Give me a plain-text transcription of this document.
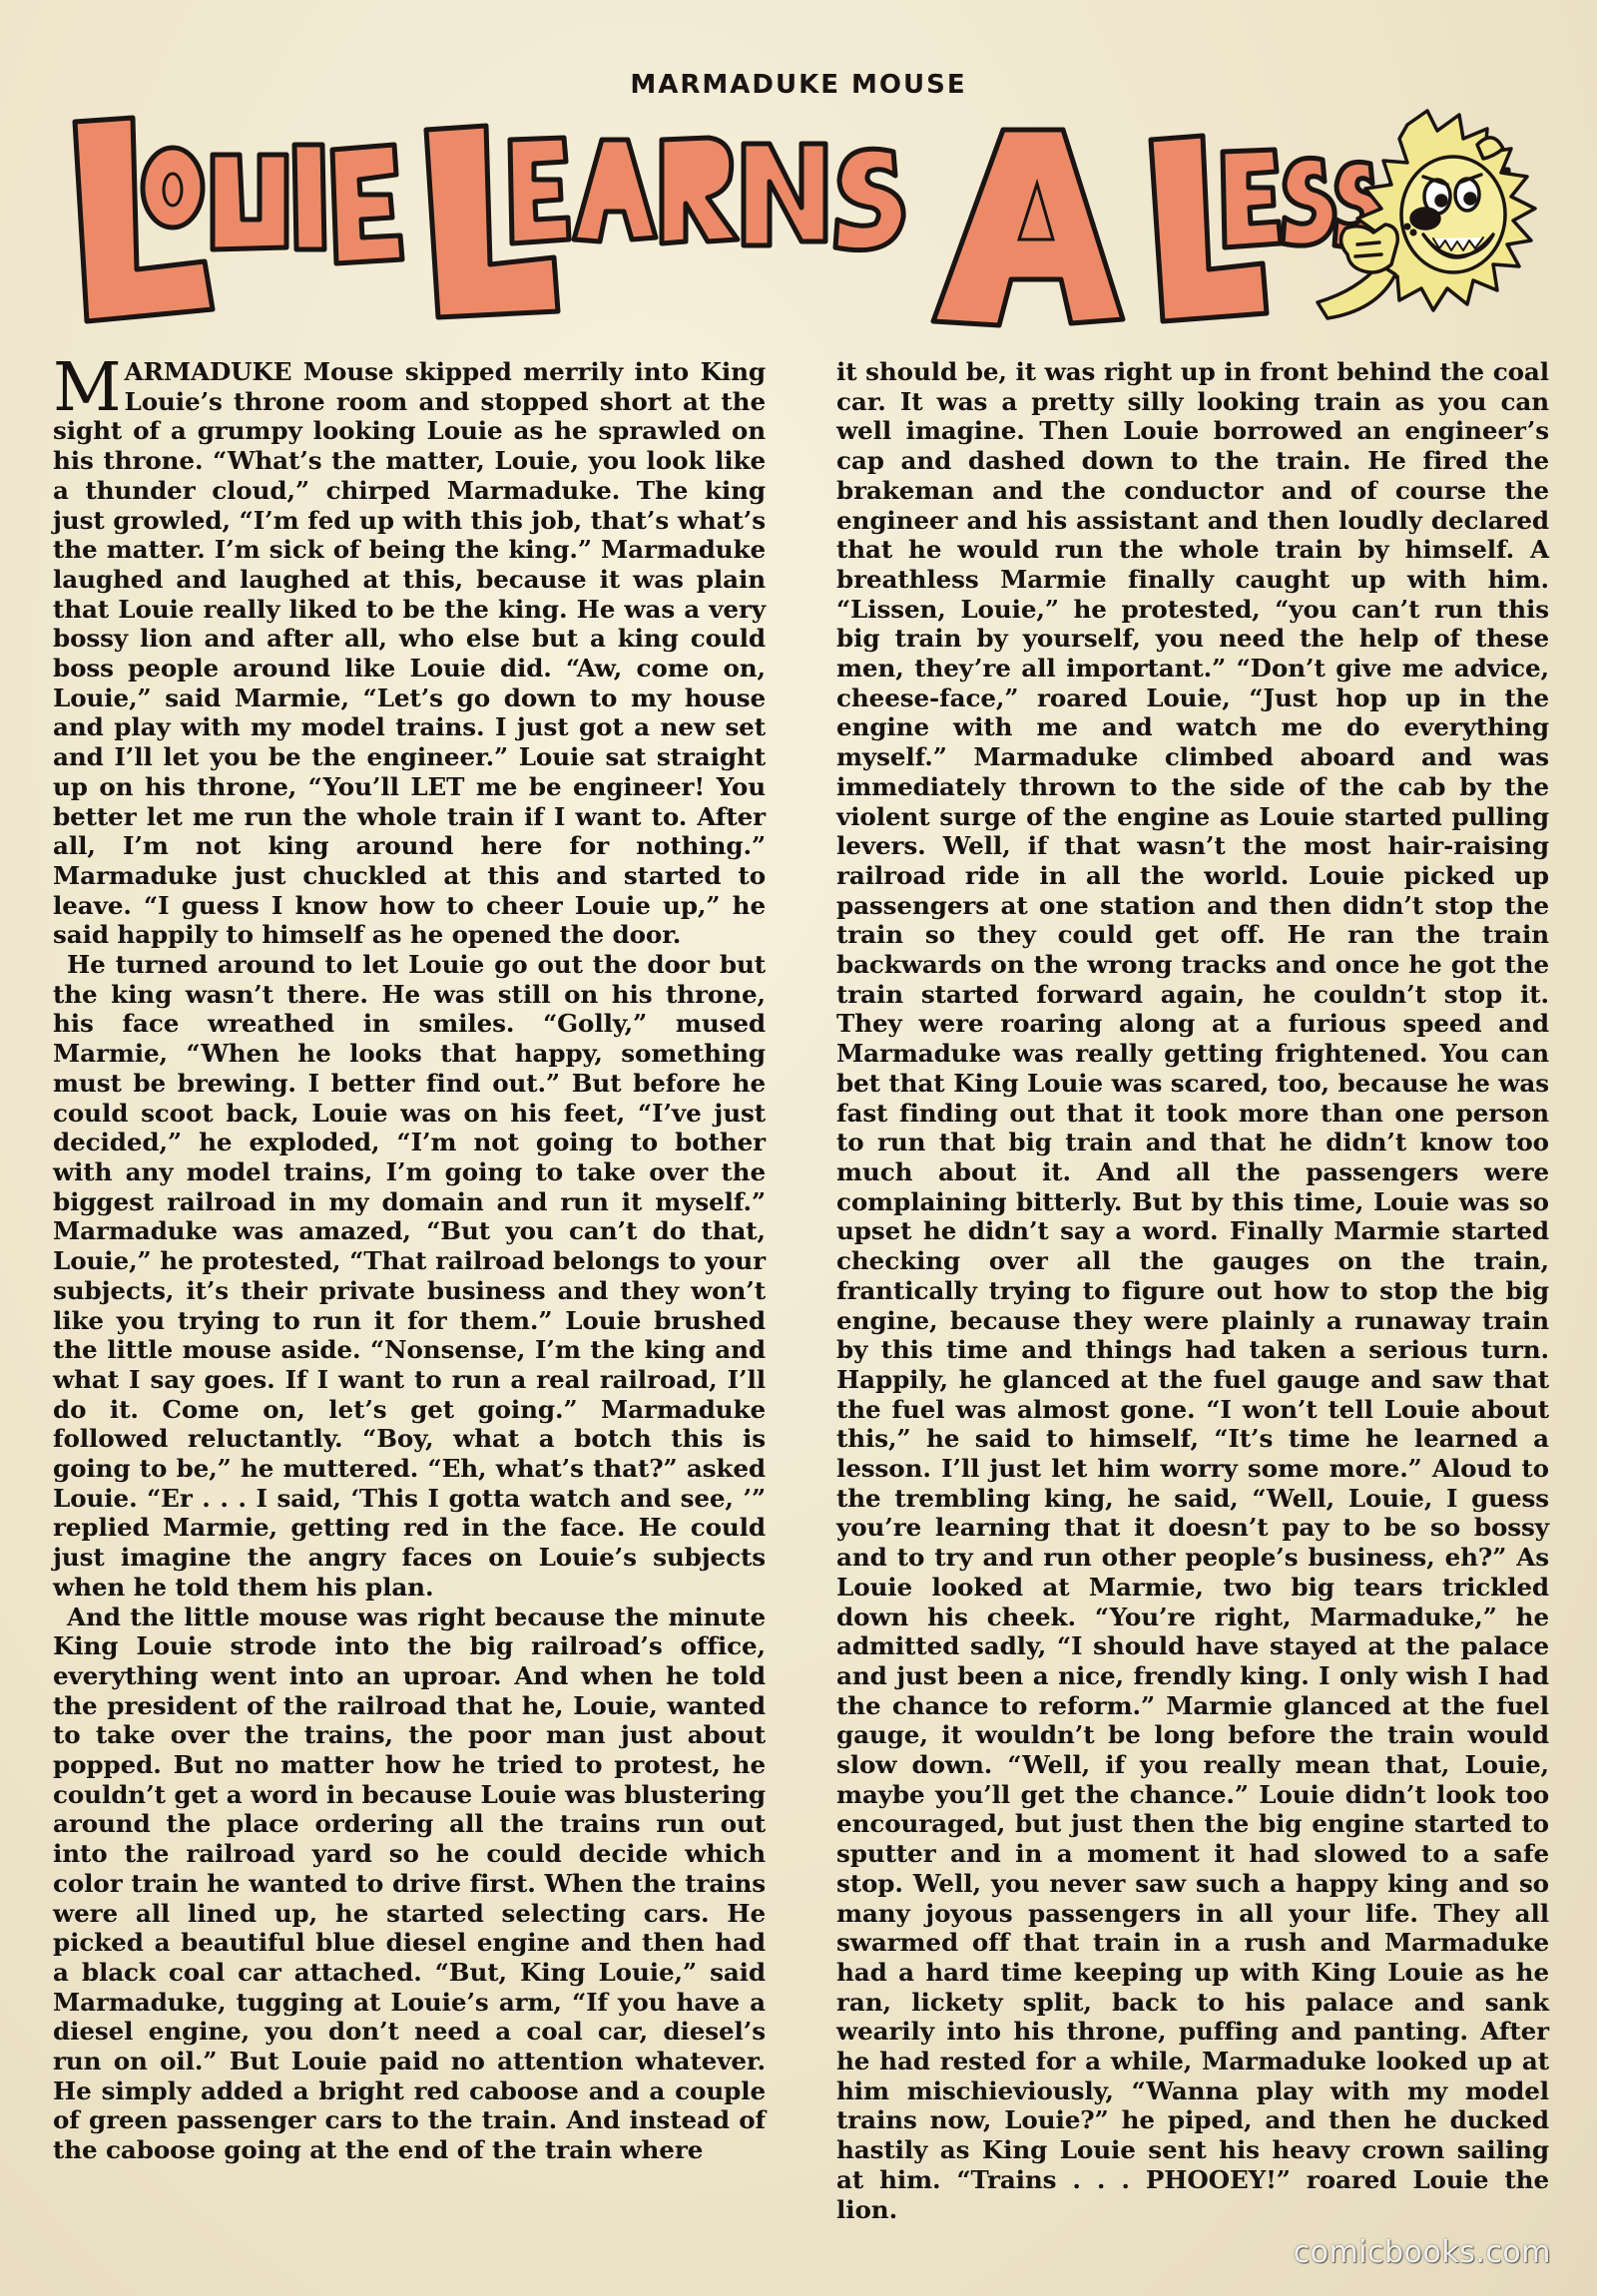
MARMADUKE MOUSE

MARMADUKE Mouse skipped merrily into King Louie’s throne room and stopped short at the sight of a grumpy looking Louie as he sprawled on his throne. “What’s the matter, Louie, you look like a thunder cloud,” chirped Marmaduke. The king just growled, “I’m fed up with this job, that’s what’s the matter. I’m sick of being the king.” Marmaduke laughed and laughed at this, because it was plain that Louie really liked to be the king. He was a very bossy lion and after all, who else but a king could boss people around like Louie did. “Aw, come on, Louie,” said Marmie, “Let’s go down to my house and play with my model trains. I just got a new set and I’ll let you be the engineer.” Louie sat straight up on his throne, “You’ll LET me be engineer! You better let me run the whole train if I want to. After all, I’m not king around here for nothing.” Marmaduke just chuckled at this and started to leave. “I guess I know how to cheer Louie up,” he said happily to himself as he opened the door.

He turned around to let Louie go out the door but the king wasn’t there. He was still on his throne, his face wreathed in smiles. “Golly,” mused Marmie, “When he looks that happy, something must be brewing. I better find out.” But before he could scoot back, Louie was on his feet, “I’ve just decided,” he exploded, “I’m not going to bother with any model trains, I’m going to take over the biggest railroad in my domain and run it myself.” Marmaduke was amazed, “But you can’t do that, Louie,” he protested, “That railroad belongs to your subjects, it’s their private business and they won’t like you trying to run it for them.” Louie brushed the little mouse aside. “Nonsense, I’m the king and what I say goes. If I want to run a real railroad, I’ll do it. Come on, let’s get going.” Marmaduke followed reluctantly. “Boy, what a botch this is going to be,” he muttered. “Eh, what’s that?” asked Louie. “Er . . . I said, ‘This I gotta watch and see, ’” replied Marmie, getting red in the face. He could just imagine the angry faces on Louie’s subjects when he told them his plan.

And the little mouse was right because the minute King Louie strode into the big railroad’s office, everything went into an uproar. And when he told the president of the railroad that he, Louie, wanted to take over the trains, the poor man just about popped. But no matter how he tried to protest, he couldn’t get a word in because Louie was blustering around the place ordering all the trains run out into the railroad yard so he could decide which color train he wanted to drive first. When the trains were all lined up, he started selecting cars. He picked a beautiful blue diesel engine and then had a black coal car attached. “But, King Louie,” said Marmaduke, tugging at Louie’s arm, “If you have a diesel engine, you don’t need a coal car, diesel’s run on oil.” But Louie paid no attention whatever. He simply added a bright red caboose and a couple of green passenger cars to the train. And instead of the caboose going at the end of the train where

it should be, it was right up in front behind the coal car. It was a pretty silly looking train as you can well imagine. Then Louie borrowed an engineer’s cap and dashed down to the train. He fired the brakeman and the conductor and of course the engineer and his assistant and then loudly declared that he would run the whole train by himself. A breathless Marmie finally caught up with him. “Lissen, Louie,” he protested, “you can’t run this big train by yourself, you need the help of these men, they’re all important.” “Don’t give me advice, cheese-face,” roared Louie, “Just hop up in the engine with me and watch me do everything myself.” Marmaduke climbed aboard and was immediately thrown to the side of the cab by the violent surge of the engine as Louie started pulling levers. Well, if that wasn’t the most hair-raising railroad ride in all the world. Louie picked up passengers at one station and then didn’t stop the train so they could get off. He ran the train backwards on the wrong tracks and once he got the train started forward again, he couldn’t stop it. They were roaring along at a furious speed and Marmaduke was really getting frightened. You can bet that King Louie was scared, too, because he was fast finding out that it took more than one person to run that big train and that he didn’t know too much about it. And all the passengers were complaining bitterly. But by this time, Louie was so upset he didn’t say a word. Finally Marmie started checking over all the gauges on the train, frantically trying to figure out how to stop the big engine, because they were plainly a runaway train by this time and things had taken a serious turn. Happily, he glanced at the fuel gauge and saw that the fuel was almost gone. “I won’t tell Louie about this,” he said to himself, “It’s time he learned a lesson. I’ll just let him worry some more.” Aloud to the trembling king, he said, “Well, Louie, I guess you’re learning that it doesn’t pay to be so bossy and to try and run other people’s business, eh?” As Louie looked at Marmie, two big tears trickled down his cheek. “You’re right, Marmaduke,” he admitted sadly, “I should have stayed at the palace and just been a nice, frendly king. I only wish I had the chance to reform.” Marmie glanced at the fuel gauge, it wouldn’t be long before the train would slow down. “Well, if you really mean that, Louie, maybe you’ll get the chance.” Louie didn’t look too encouraged, but just then the big engine started to sputter and in a moment it had slowed to a safe stop. Well, you never saw such a happy king and so many joyous passengers in all your life. They all swarmed off that train in a rush and Marmaduke had a hard time keeping up with King Louie as he ran, lickety split, back to his palace and sank wearily into his throne, puffing and panting. After he had rested for a while, Marmaduke looked up at him mischieviously, “Wanna play with my model trains now, Louie?” he piped, and then he ducked hastily as King Louie sent his heavy crown sailing at him. “Trains . . . PHOOEY!” roared Louie the lion.

comicbooks.com
